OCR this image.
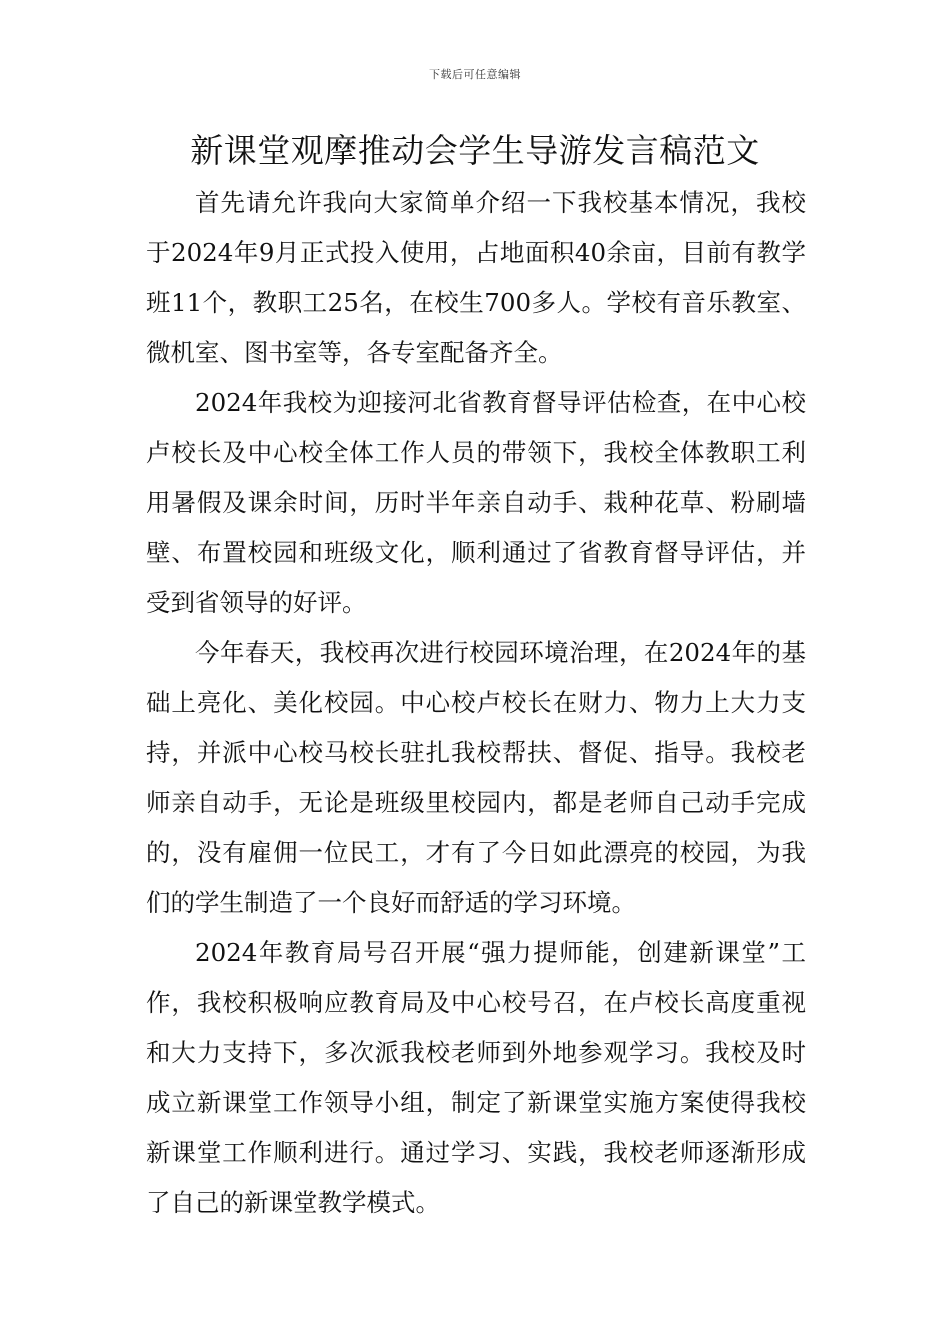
下载后可任意编辑
新课堂观摩推动会学生导游发言稿范文

首先请允许我向大家简单介绍一下我校基本情况，我校于2024年9月正式投入使用，占地面积40余亩，目前有教学班11个，教职工25名，在校生700多人。学校有音乐教室、微机室、图书室等，各专室配备齐全。

2024年我校为迎接河北省教育督导评估检查，在中心校卢校长及中心校全体工作人员的带领下，我校全体教职工利用暑假及课余时间，历时半年亲自动手、栽种花草、粉刷墙壁、布置校园和班级文化，顺利通过了省教育督导评估，并受到省领导的好评。

今年春天，我校再次进行校园环境治理，在2024年的基础上亮化、美化校园。中心校卢校长在财力、物力上大力支持，并派中心校马校长驻扎我校帮扶、督促、指导。我校老师亲自动手，无论是班级里校园内，都是老师自己动手完成的，没有雇佣一位民工，才有了今日如此漂亮的校园，为我们的学生制造了一个良好而舒适的学习环境。

2024年教育局号召开展“强力提师能，创建新课堂”工作，我校积极响应教育局及中心校号召，在卢校长高度重视和大力支持下，多次派我校老师到外地参观学习。我校及时成立新课堂工作领导小组，制定了新课堂实施方案使得我校新课堂工作顺利进行。通过学习、实践，我校老师逐渐形成了自己的新课堂教学模式。
